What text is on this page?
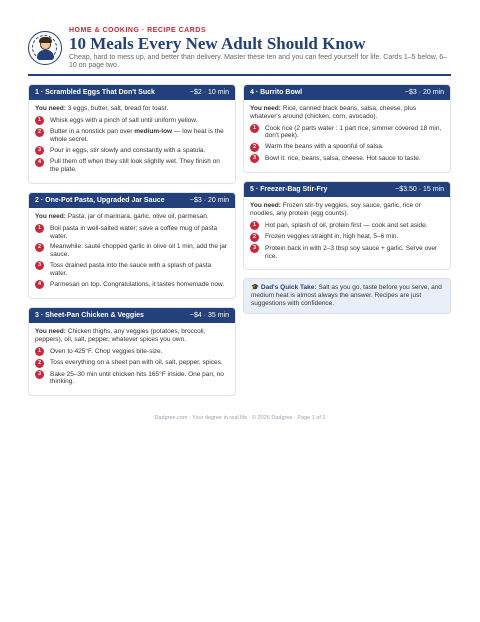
HOME & COOKING · RECIPE CARDS
10 Meals Every New Adult Should Know
Cheap, hard to mess up, and better than delivery. Master these ten and you can feed yourself for life. Cards 1–5 below, 6–10 on page two.
1 · Scrambled Eggs That Don't Suck	~$2 · 10 min
You need: 3 eggs, butter, salt, bread for toast.
1	Whisk eggs with a pinch of salt until uniform yellow.
2	Butter in a nonstick pan over medium-low — low heat is the whole secret.
3	Pour in eggs, stir slowly and constantly with a spatula.
4	Pull them off when they still look slightly wet. They finish on the plate.
2 · One-Pot Pasta, Upgraded Jar Sauce	~$3 · 20 min
You need: Pasta, jar of marinara, garlic, olive oil, parmesan.
1	Boil pasta in well-salted water; save a coffee mug of pasta water.
2	Meanwhile: sauté chopped garlic in olive oil 1 min, add the jar sauce.
3	Toss drained pasta into the sauce with a splash of pasta water.
4	Parmesan on top. Congratulations, it tastes homemade now.
3 · Sheet-Pan Chicken & Veggies	~$4 · 35 min
You need: Chicken thighs, any veggies (potatoes, broccoli, peppers), oil, salt, pepper, whatever spices you own.
1	Oven to 425°F. Chop veggies bite-size.
2	Toss everything on a sheet pan with oil, salt, pepper, spices.
3	Bake 25–30 min until chicken hits 165°F inside. One pan, no thinking.
4 · Burrito Bowl	~$3 · 20 min
You need: Rice, canned black beans, salsa, cheese, plus whatever's around (chicken, corn, avocado).
1	Cook rice (2 parts water : 1 part rice, simmer covered 18 min, don't peek).
2	Warm the beans with a spoonful of salsa.
3	Bowl it: rice, beans, salsa, cheese. Hot sauce to taste.
5 · Freezer-Bag Stir-Fry	~$3.50 · 15 min
You need: Frozen stir-fry veggies, soy sauce, garlic, rice or noodles, any protein (egg counts).
1	Hot pan, splash of oil, protein first — cook and set aside.
2	Frozen veggies straight in, high heat, 5–6 min.
3	Protein back in with 2–3 tbsp soy sauce + garlic. Serve over rice.
🎓 Dad's Quick Take: Salt as you go, taste before you serve, and medium heat is almost always the answer. Recipes are just suggestions with confidence.
Dadgree.com · Your degree in real life · © 2026 Dadgree · Page 1 of 2
